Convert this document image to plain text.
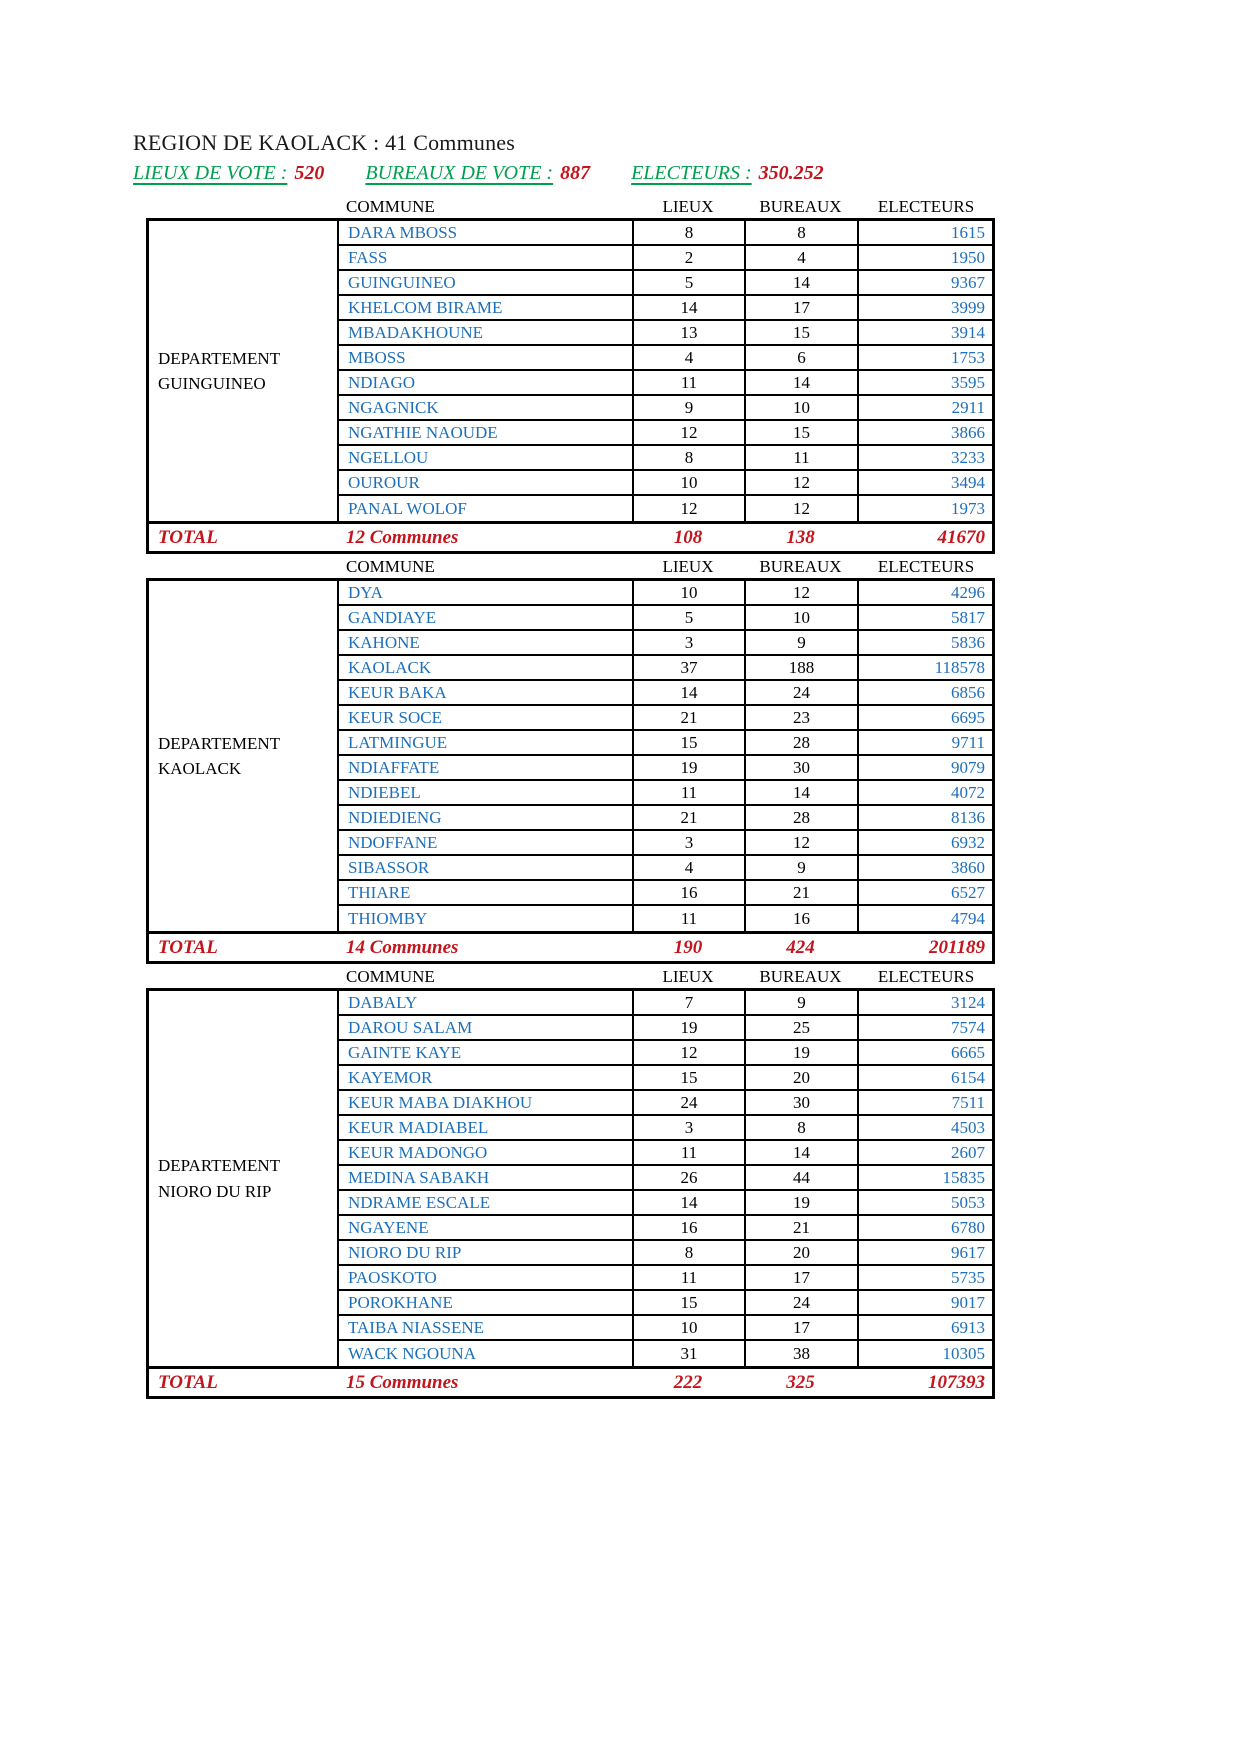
REGION DE KAOLACK : 41 Communes
LIEUX DE VOTE : 520 BUREAUX DE VOTE : 887 ELECTEURS : 350.252
COMMUNE	LIEUX	BUREAUX	ELECTEURS
DEPARTEMENT
GUINGUINEO
DARA MBOSS	8	8	1615
FASS	2	4	1950
GUINGUINEO	5	14	9367
KHELCOM BIRAME	14	17	3999
MBADAKHOUNE	13	15	3914
MBOSS	4	6	1753
NDIAGO	11	14	3595
NGAGNICK	9	10	2911
NGATHIE NAOUDE	12	15	3866
NGELLOU	8	11	3233
OUROUR	10	12	3494
PANAL WOLOF	12	12	1973
TOTAL	12 Communes	108	138	41670
COMMUNE	LIEUX	BUREAUX	ELECTEURS
DEPARTEMENT
KAOLACK
DYA	10	12	4296
GANDIAYE	5	10	5817
KAHONE	3	9	5836
KAOLACK	37	188	118578
KEUR BAKA	14	24	6856
KEUR SOCE	21	23	6695
LATMINGUE	15	28	9711
NDIAFFATE	19	30	9079
NDIEBEL	11	14	4072
NDIEDIENG	21	28	8136
NDOFFANE	3	12	6932
SIBASSOR	4	9	3860
THIARE	16	21	6527
THIOMBY	11	16	4794
TOTAL	14 Communes	190	424	201189
COMMUNE	LIEUX	BUREAUX	ELECTEURS
DEPARTEMENT
NIORO DU RIP
DABALY	7	9	3124
DAROU SALAM	19	25	7574
GAINTE KAYE	12	19	6665
KAYEMOR	15	20	6154
KEUR MABA DIAKHOU	24	30	7511
KEUR MADIABEL	3	8	4503
KEUR MADONGO	11	14	2607
MEDINA SABAKH	26	44	15835
NDRAME ESCALE	14	19	5053
NGAYENE	16	21	6780
NIORO DU RIP	8	20	9617
PAOSKOTO	11	17	5735
POROKHANE	15	24	9017
TAIBA NIASSENE	10	17	6913
WACK NGOUNA	31	38	10305
TOTAL	15 Communes	222	325	107393
